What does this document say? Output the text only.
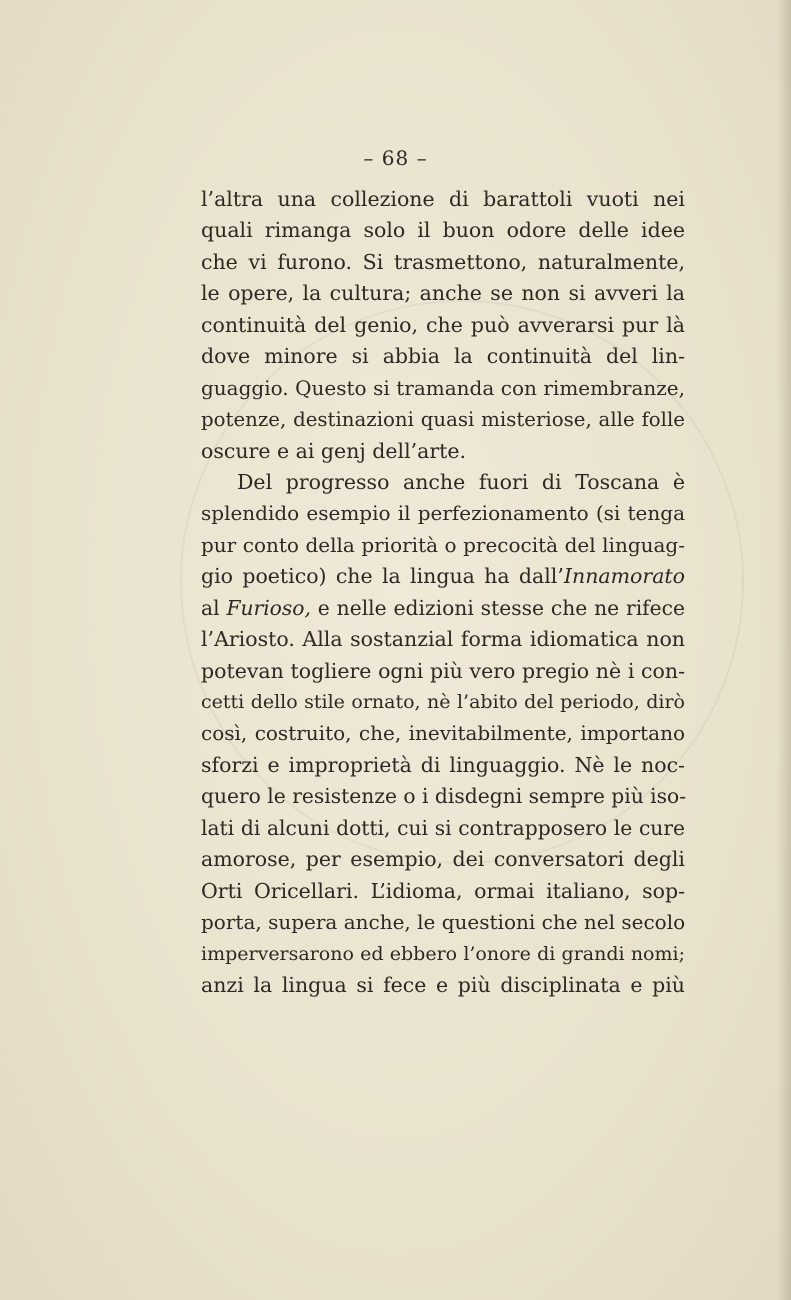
– 68 –
l’altra una collezione di barattoli vuoti nei
quali rimanga solo il buon odore delle idee
che vi furono. Si trasmettono, naturalmente,
le opere, la cultura; anche se non si avveri la
continuità del genio, che può avverarsi pur là
dove minore si abbia la continuità del lin-
guaggio. Questo si tramanda con rimembranze,
potenze, destinazioni quasi misteriose, alle folle
oscure e ai genj dell’arte.
Del progresso anche fuori di Toscana è
splendido esempio il perfezionamento (si tenga
pur conto della priorità o precocità del linguag-
gio poetico) che la lingua ha dall’Innamorato
al Furioso, e nelle edizioni stesse che ne rifece
l’Ariosto. Alla sostanzial forma idiomatica non
potevan togliere ogni più vero pregio nè i con-
cetti dello stile ornato, nè l’abito del periodo, dirò
così, costruito, che, inevitabilmente, importano
sforzi e improprietà di linguaggio. Nè le noc-
quero le resistenze o i disdegni sempre più iso-
lati di alcuni dotti, cui si contrapposero le cure
amorose, per esempio, dei conversatori degli
Orti Oricellari. L’idioma, ormai italiano, sop-
porta, supera anche, le questioni che nel secolo
imperversarono ed ebbero l’onore di grandi nomi;
anzi la lingua si fece e più disciplinata e più
